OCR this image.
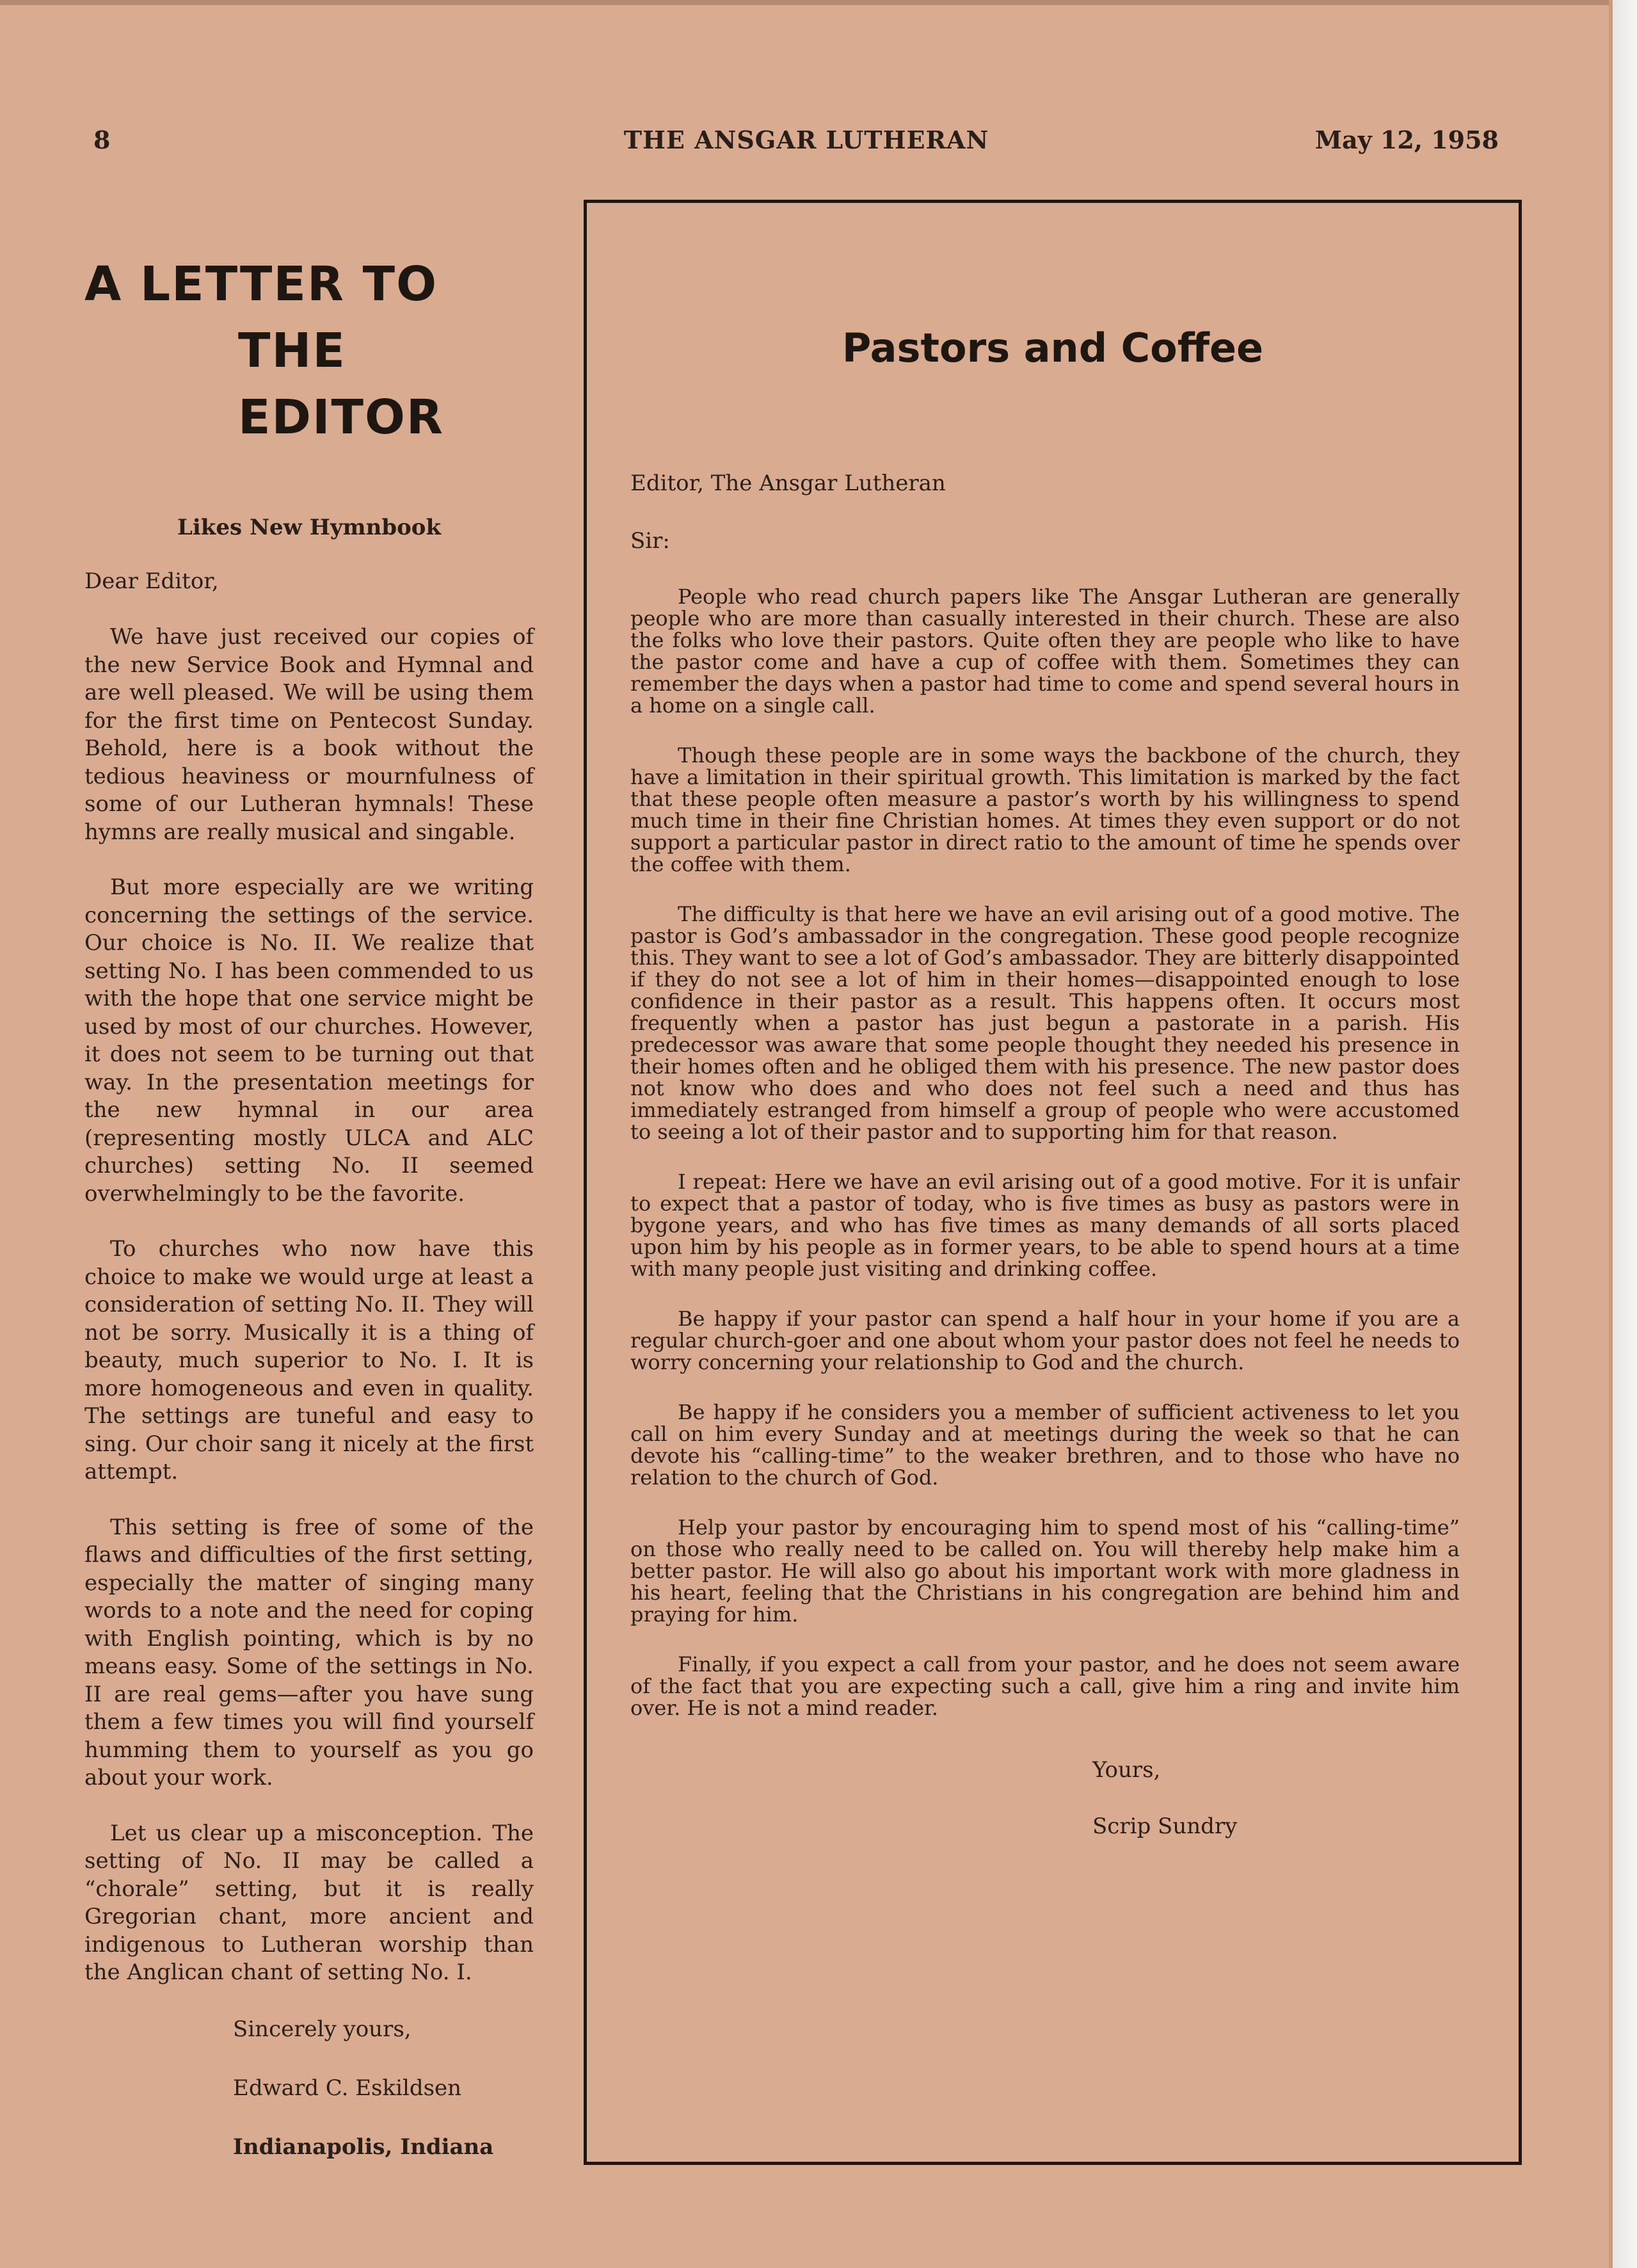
8	THE ANSGAR LUTHERAN	May 12, 1958
A LETTER TO
THE EDITOR
Likes New Hymnbook
Dear Editor,

We have just received our copies of the new Service Book and Hymnal and are well pleased. We will be using them for the first time on Pentecost Sunday. Behold, here is a book without the tedious heaviness or mournfulness of some of our Lutheran hymnals! These hymns are really musical and singable.

But more especially are we writing concerning the settings of the service. Our choice is No. II. We realize that setting No. I has been commended to us with the hope that one service might be used by most of our churches. However, it does not seem to be turning out that way. In the presentation meetings for the new hymnal in our area (representing mostly ULCA and ALC churches) setting No. II seemed overwhelmingly to be the favorite.

To churches who now have this choice to make we would urge at least a consideration of setting No. II. They will not be sorry. Musically it is a thing of beauty, much superior to No. I. It is more homogeneous and even in quality. The settings are tuneful and easy to sing. Our choir sang it nicely at the first attempt.

This setting is free of some of the flaws and difficulties of the first setting, especially the matter of singing many words to a note and the need for coping with English pointing, which is by no means easy. Some of the settings in No. II are real gems—after you have sung them a few times you will find yourself humming them to yourself as you go about your work.

Let us clear up a misconception. The setting of No. II may be called a “chorale” setting, but it is really Gregorian chant, more ancient and indigenous to Lutheran worship than the Anglican chant of setting No. I.

Sincerely yours,
Edward C. Eskildsen
Indianapolis, Indiana
Pastors and Coffee
Editor, The Ansgar Lutheran
Sir:

People who read church papers like The Ansgar Lutheran are generally people who are more than casually interested in their church. These are also the folks who love their pastors. Quite often they are people who like to have the pastor come and have a cup of coffee with them. Sometimes they can remember the days when a pastor had time to come and spend several hours in a home on a single call.

Though these people are in some ways the backbone of the church, they have a limitation in their spiritual growth. This limitation is marked by the fact that these people often measure a pastor’s worth by his willingness to spend much time in their fine Christian homes. At times they even support or do not support a particular pastor in direct ratio to the amount of time he spends over the coffee with them.

The difficulty is that here we have an evil arising out of a good motive. The pastor is God’s ambassador in the congregation. These good people recognize this. They want to see a lot of God’s ambassador. They are bitterly disappointed if they do not see a lot of him in their homes—disappointed enough to lose confidence in their pastor as a result. This happens often. It occurs most frequently when a pastor has just begun a pastorate in a parish. His predecessor was aware that some people thought they needed his presence in their homes often and he obliged them with his presence. The new pastor does not know who does and who does not feel such a need and thus has immediately estranged from himself a group of people who were accustomed to seeing a lot of their pastor and to supporting him for that reason.

I repeat: Here we have an evil arising out of a good motive. For it is unfair to expect that a pastor of today, who is five times as busy as pastors were in bygone years, and who has five times as many demands of all sorts placed upon him by his people as in former years, to be able to spend hours at a time with many people just visiting and drinking coffee.

Be happy if your pastor can spend a half hour in your home if you are a regular church-goer and one about whom your pastor does not feel he needs to worry concerning your relationship to God and the church.

Be happy if he considers you a member of sufficient activeness to let you call on him every Sunday and at meetings during the week so that he can devote his “calling-time” to the weaker brethren, and to those who have no relation to the church of God.

Help your pastor by encouraging him to spend most of his “calling-time” on those who really need to be called on. You will thereby help make him a better pastor. He will also go about his important work with more gladness in his heart, feeling that the Christians in his congregation are behind him and praying for him.

Finally, if you expect a call from your pastor, and he does not seem aware of the fact that you are expecting such a call, give him a ring and invite him over. He is not a mind reader.

Yours,
Scrip Sundry
